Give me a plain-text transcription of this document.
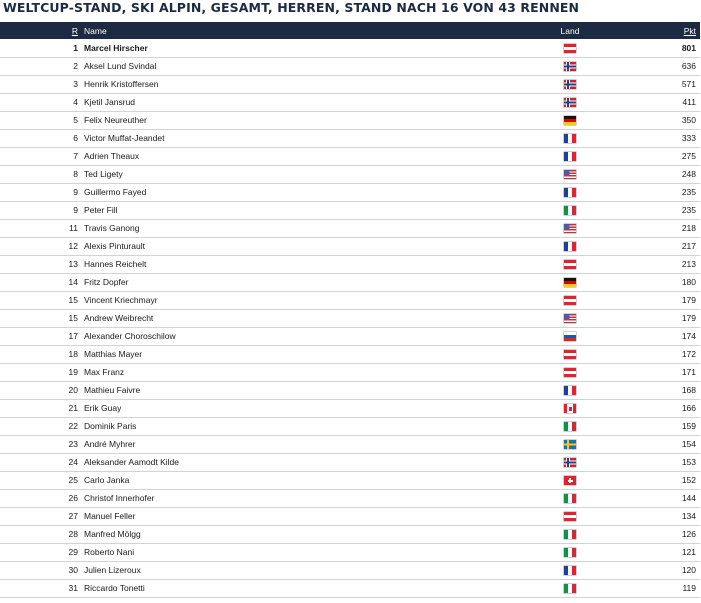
WELTCUP-STAND, SKI ALPIN, GESAMT, HERREN, STAND NACH 16 VON 43 RENNEN
R	Name	Land	Pkt
1	Marcel Hirscher		801
2	Aksel Lund Svindal		636
3	Henrik Kristoffersen		571
4	Kjetil Jansrud		411
5	Felix Neureuther		350
6	Victor Muffat-Jeandet		333
7	Adrien Theaux		275
8	Ted Ligety		248
9	Guillermo Fayed		235
9	Peter Fill		235
11	Travis Ganong		218
12	Alexis Pinturault		217
13	Hannes Reichelt		213
14	Fritz Dopfer		180
15	Vincent Kriechmayr		179
15	Andrew Weibrecht		179
17	Alexander Choroschilow		174
18	Matthias Mayer		172
19	Max Franz		171
20	Mathieu Faivre		168
21	Erik Guay		166
22	Dominik Paris		159
23	André Myhrer		154
24	Aleksander Aamodt Kilde		153
25	Carlo Janka		152
26	Christof Innerhofer		144
27	Manuel Feller		134
28	Manfred Mölgg		126
29	Roberto Nani		121
30	Julien Lizeroux		120
31	Riccardo Tonetti		119
